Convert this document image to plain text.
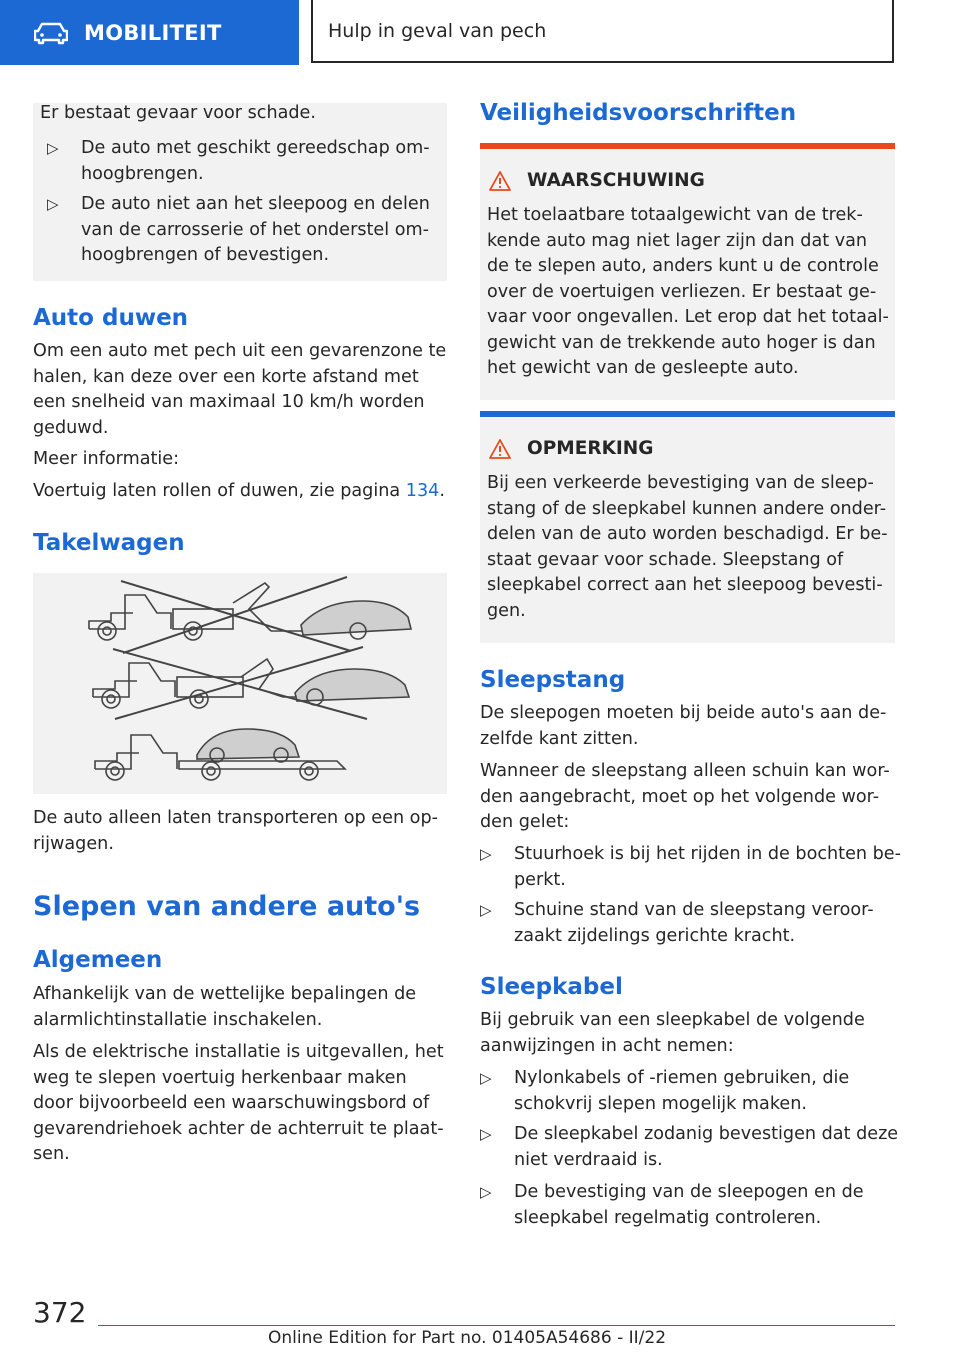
MOBILITEIT	Hulp in geval van pech

Er bestaat gevaar voor schade.

▷	De auto met geschikt gereedschap om-
hoogbrengen.
▷	De auto niet aan het sleepoog en delen
van de carrosserie of het onderstel om-
hoogbrengen of bevestigen.
Auto duwen
Om een auto met pech uit een gevarenzone te
halen, kan deze over een korte afstand met
een snelheid van maximaal 10 km/h worden
geduwd.

Meer informatie:

Voertuig laten rollen of duwen, zie pagina 134.

Takelwagen
De auto alleen laten transporteren op een op-
rijwagen.
Slepen van andere auto's
Algemeen
Afhankelijk van de wettelijke bepalingen de
alarmlichtinstallatie inschakelen.
Als de elektrische installatie is uitgevallen, het
weg te slepen voertuig herkenbaar maken
door bijvoorbeeld een waarschuwingsbord of
gevarendriehoek achter de achterruit te plaat-
sen.
Veiligheidsvoorschriften
WAARSCHUWING
Het toelaatbare totaalgewicht van de trek-
kende auto mag niet lager zijn dan dat van
de te slepen auto, anders kunt u de controle
over de voertuigen verliezen. Er bestaat ge-
vaar voor ongevallen. Let erop dat het totaal-
gewicht van de trekkende auto hoger is dan
het gewicht van de gesleepte auto.
OPMERKING
Bij een verkeerde bevestiging van de sleep-
stang of de sleepkabel kunnen andere onder-
delen van de auto worden beschadigd. Er be-
staat gevaar voor schade. Sleepstang of
sleepkabel correct aan het sleepoog bevesti-
gen.
Sleepstang
De sleepogen moeten bij beide auto's aan de-
zelfde kant zitten.
Wanneer de sleepstang alleen schuin kan wor-
den aangebracht, moet op het volgende wor-
den gelet:
▷	Stuurhoek is bij het rijden in de bochten be-
perkt.
▷	Schuine stand van de sleepstang veroor-
zaakt zijdelings gerichte kracht.
Sleepkabel
Bij gebruik van een sleepkabel de volgende
aanwijzingen in acht nemen:
▷	Nylonkabels of -riemen gebruiken, die
schokvrij slepen mogelijk maken.
▷	De sleepkabel zodanig bevestigen dat deze
niet verdraaid is.
▷	De bevestiging van de sleepogen en de
sleepkabel regelmatig controleren.
372
Online Edition for Part no. 01405A54686 - II/22
